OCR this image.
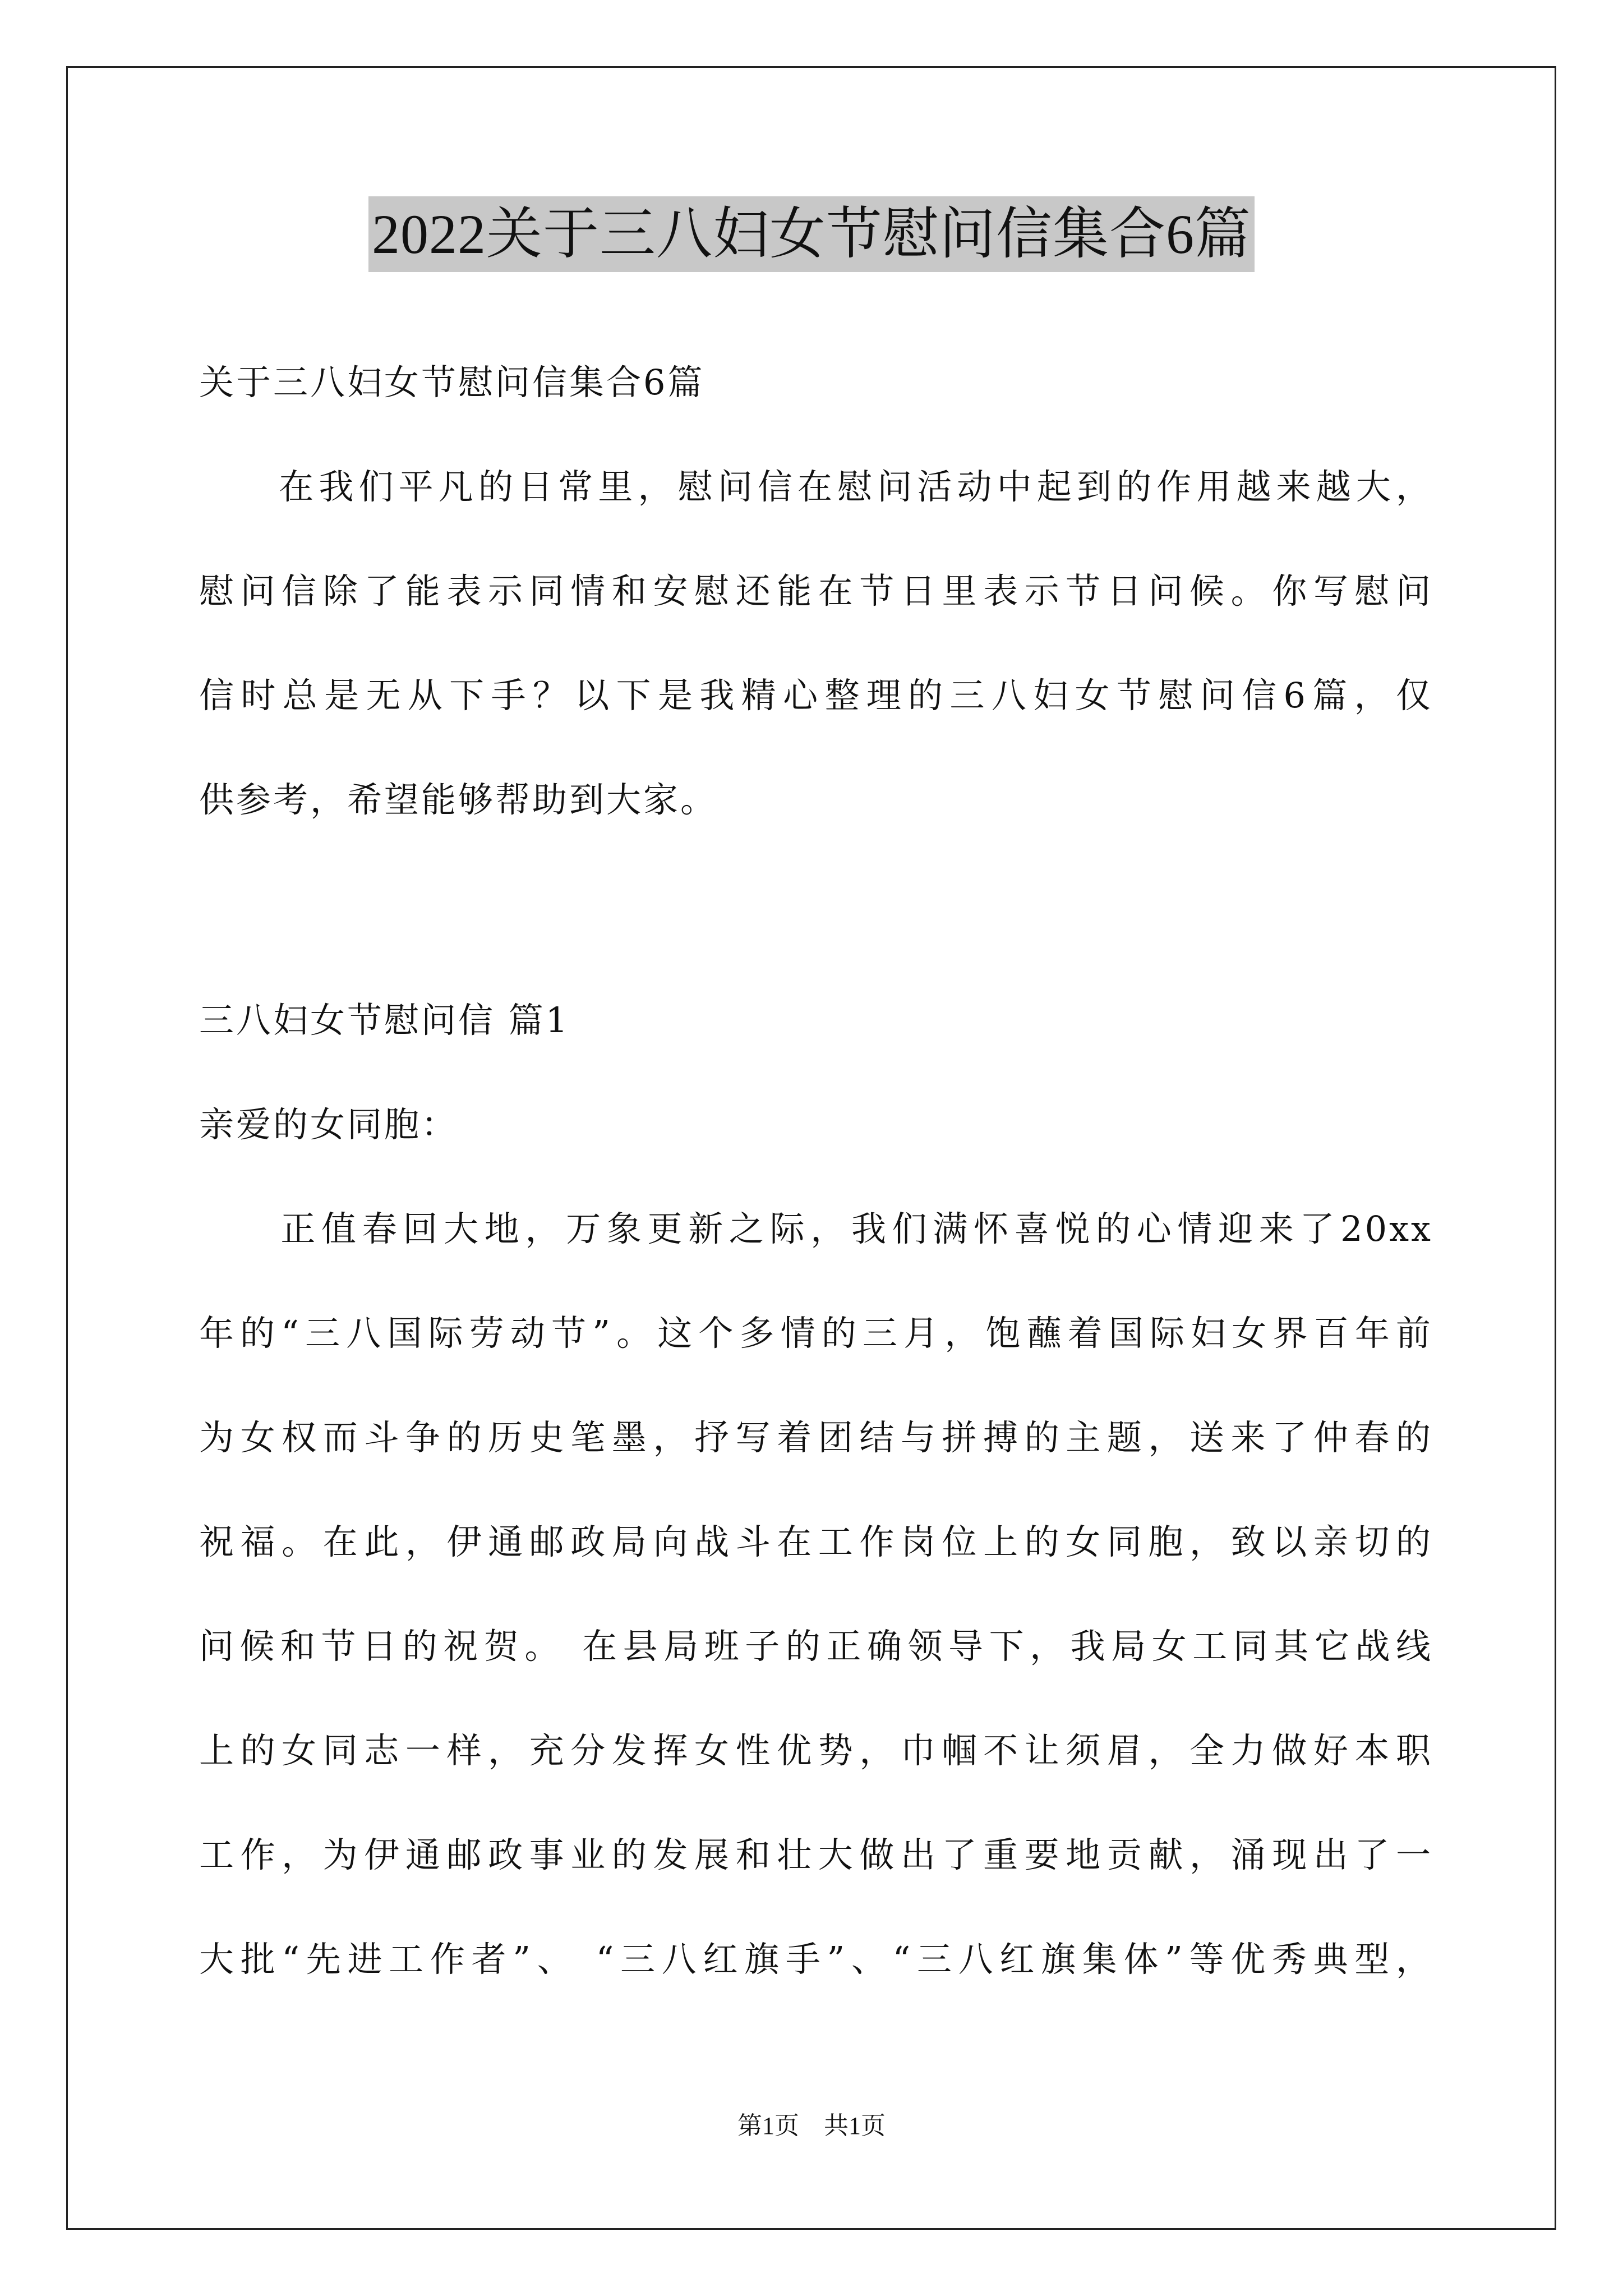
2022关于三八妇女节慰问信集合6篇
关于三八妇女节慰问信集合6篇
　　在我们平凡的日常里，慰问信在慰问活动中起到的作用越来越大，
慰问信除了能表示同情和安慰还能在节日里表示节日问候。你写慰问
信时总是无从下手？以下是我精心整理的三八妇女节慰问信6篇，仅
供参考，希望能够帮助到大家。
三八妇女节慰问信 篇1
亲爱的女同胞：
　　正值春回大地，万象更新之际，我们满怀喜悦的心情迎来了20xx
年的“三八国际劳动节”。这个多情的三月，饱蘸着国际妇女界百年前
为女权而斗争的历史笔墨，抒写着团结与拼搏的主题，送来了仲春的
祝福。在此，伊通邮政局向战斗在工作岗位上的女同胞，致以亲切的
问候和节日的祝贺。 在县局班子的正确领导下，我局女工同其它战线
上的女同志一样，充分发挥女性优势，巾帼不让须眉，全力做好本职
工作，为伊通邮政事业的发展和壮大做出了重要地贡献，涌现出了一
大批“先进工作者”、 “三八红旗手”、“三八红旗集体”等优秀典型，
第1页　共1页
